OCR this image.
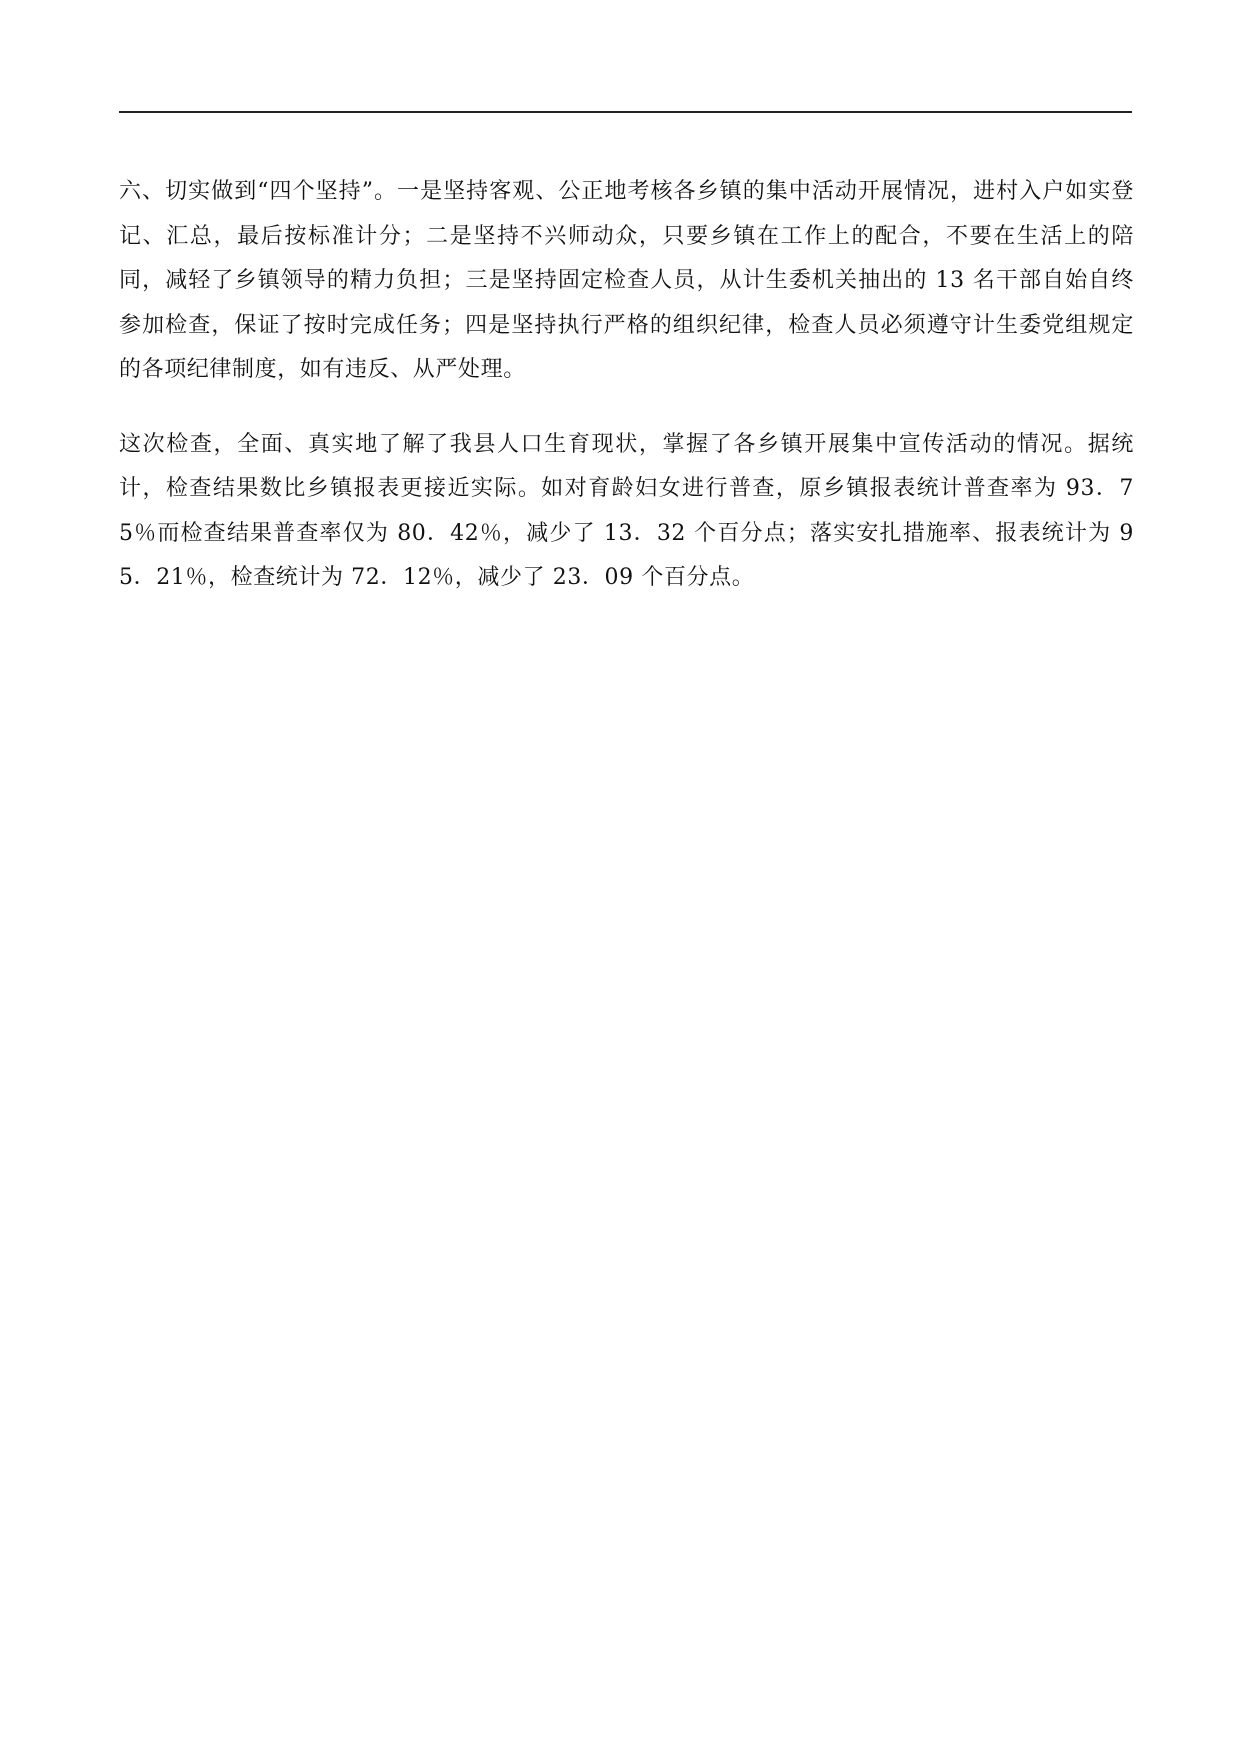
六、切实做到“四个坚持”。一是坚持客观、公正地考核各乡镇的集中活动开展情况，进村入户如实登记、汇总，最后按标准计分；二是坚持不兴师动众，只要乡镇在工作上的配合，不要在生活上的陪同，减轻了乡镇领导的精力负担；三是坚持固定检查人员，从计生委机关抽出的 13 名干部自始自终参加检查，保证了按时完成任务；四是坚持执行严格的组织纪律，检查人员必须遵守计生委党组规定的各项纪律制度，如有违反、从严处理。

这次检查，全面、真实地了解了我县人口生育现状，掌握了各乡镇开展集中宣传活动的情况。据统计，检查结果数比乡镇报表更接近实际。如对育龄妇女进行普查，原乡镇报表统计普查率为 93．75％而检查结果普查率仅为 80．42％，减少了 13．32 个百分点；落实安扎措施率、报表统计为 95．21％，检查统计为 72．12％，减少了 23．09 个百分点。
